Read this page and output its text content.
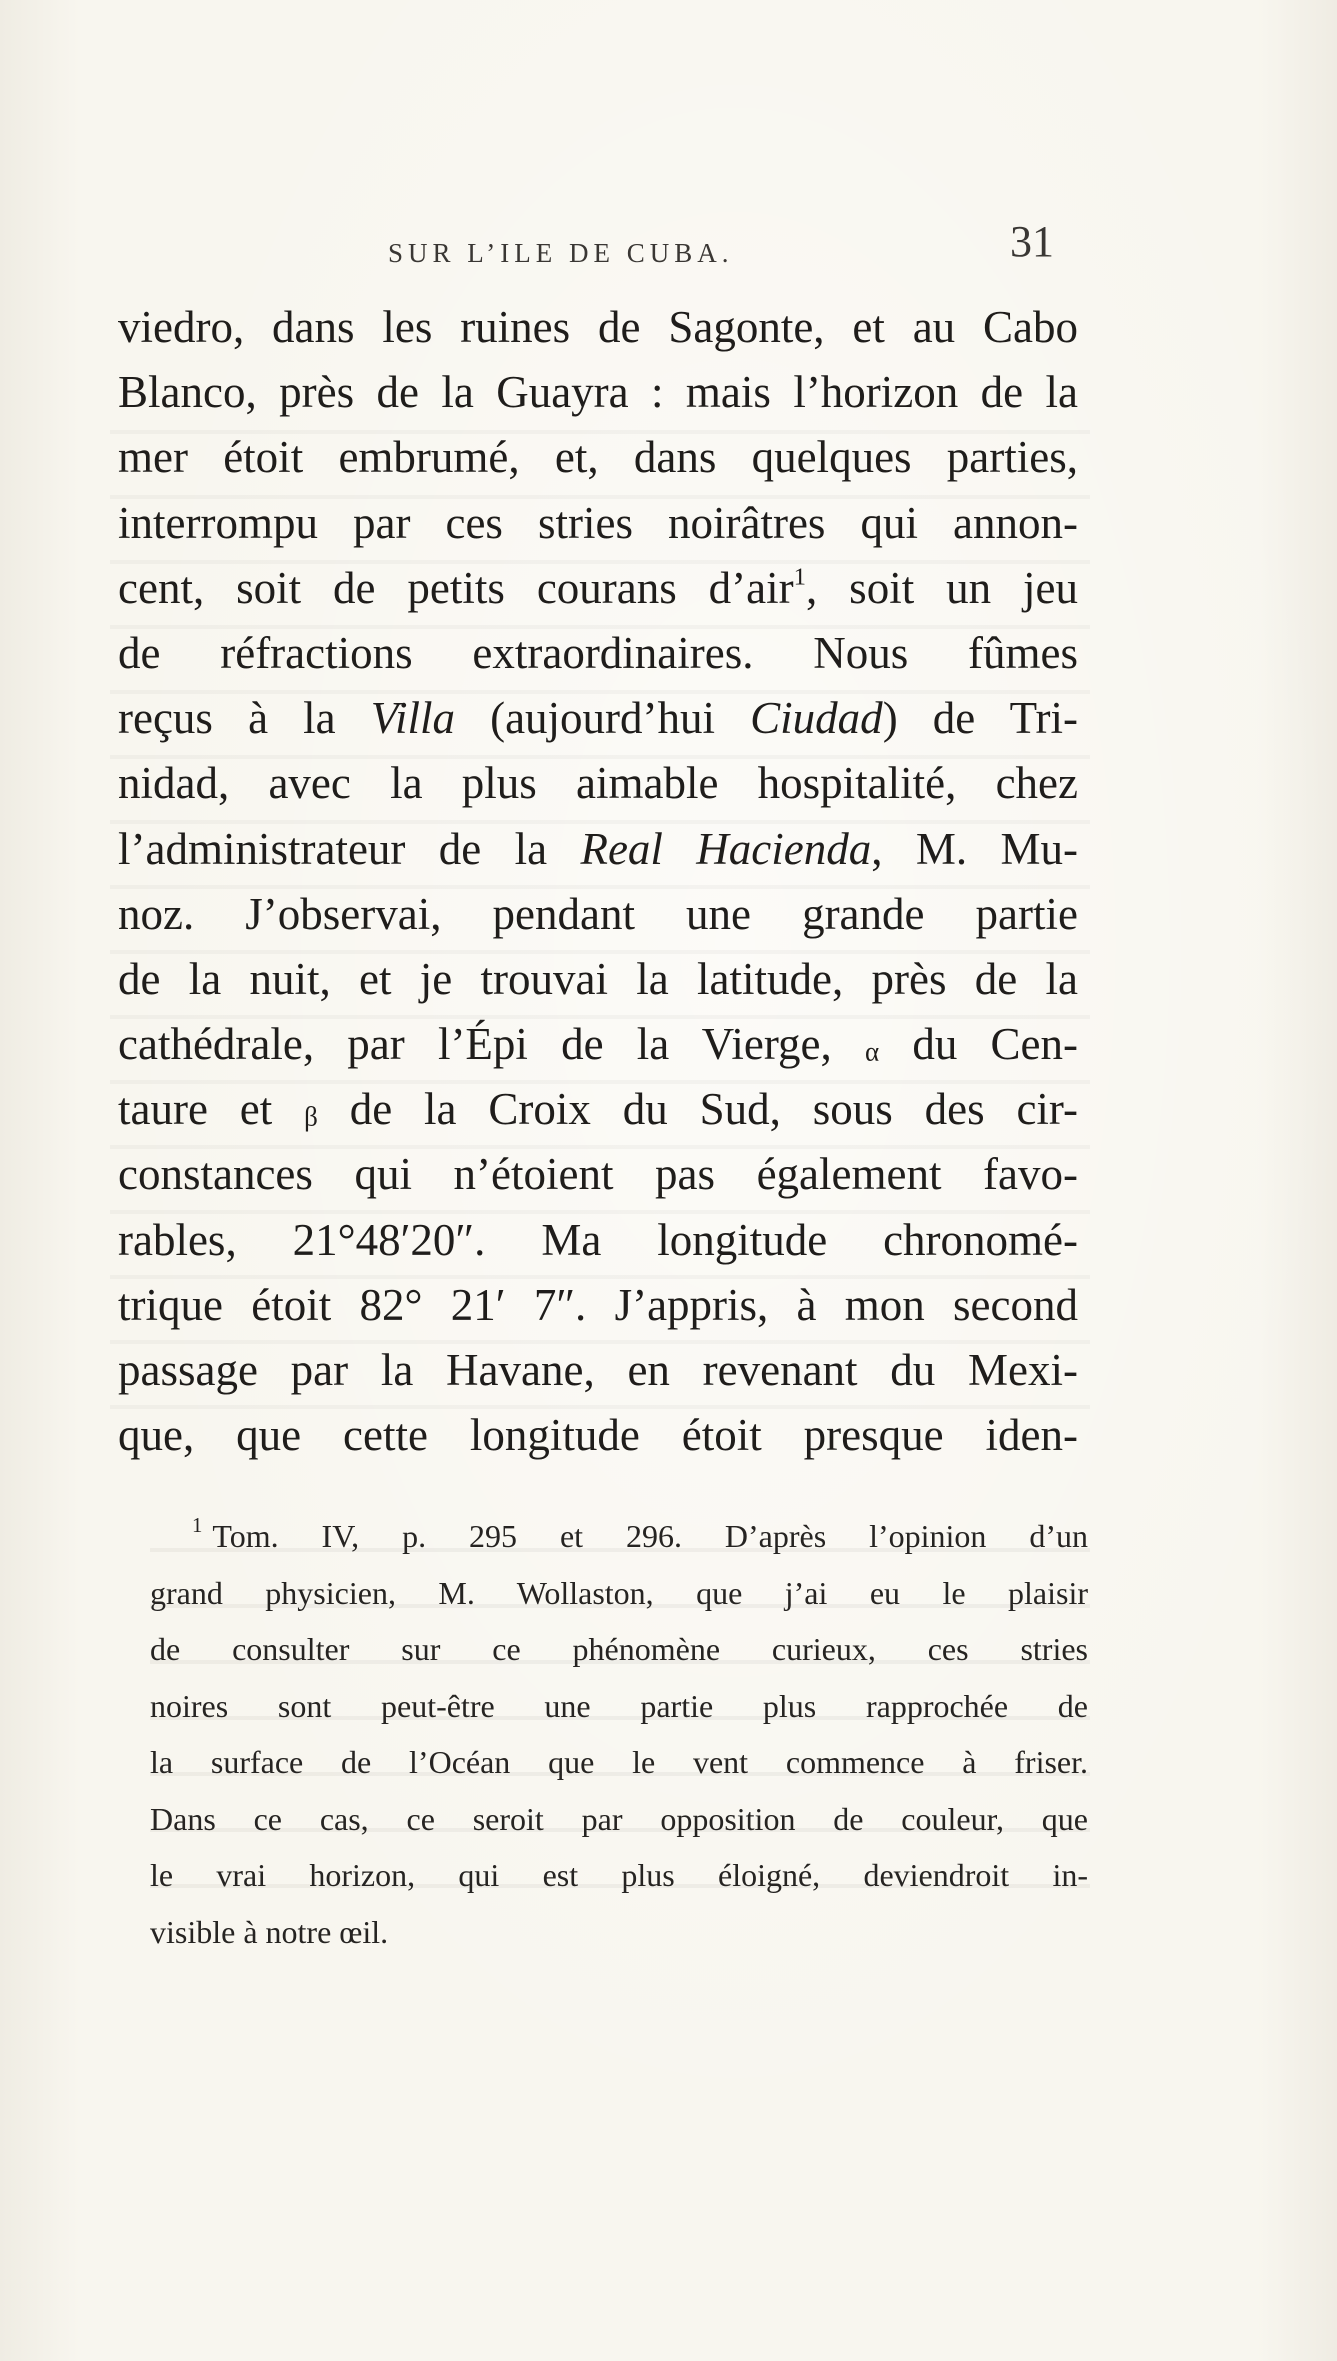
SUR L’ILE DE CUBA.	31
viedro, dans les ruines de Sagonte, et au Cabo
Blanco, près de la Guayra : mais l’horizon de la
mer étoit embrumé, et, dans quelques parties,
interrompu par ces stries noirâtres qui annon-
cent, soit de petits courans d’air$^1$, soit un jeu
de réfractions extraordinaires. Nous fûmes
reçus à la Villa (aujourd’hui Ciudad) de Tri-
nidad, avec la plus aimable hospitalité, chez
l’administrateur de la Real Hacienda, M. Mu-
noz. J’observai, pendant une grande partie
de la nuit, et je trouvai la latitude, près de la
cathédrale, par l’Épi de la Vierge, α du Cen-
taure et β de la Croix du Sud, sous des cir-
constances qui n’étoient pas également favo-
rables, 21°48′20″. Ma longitude chronomé-
trique étoit 82° 21′ 7″. J’appris, à mon second
passage par la Havane, en revenant du Mexi-
que, que cette longitude étoit presque iden-
$^1$ Tom. IV, p. 295 et 296. D’après l’opinion d’un
grand physicien, M. Wollaston, que j’ai eu le plaisir
de consulter sur ce phénomène curieux, ces stries
noires sont peut-être une partie plus rapprochée de
la surface de l’Océan que le vent commence à friser.
Dans ce cas, ce seroit par opposition de couleur, que
le vrai horizon, qui est plus éloigné, deviendroit in-
visible à notre œil.
